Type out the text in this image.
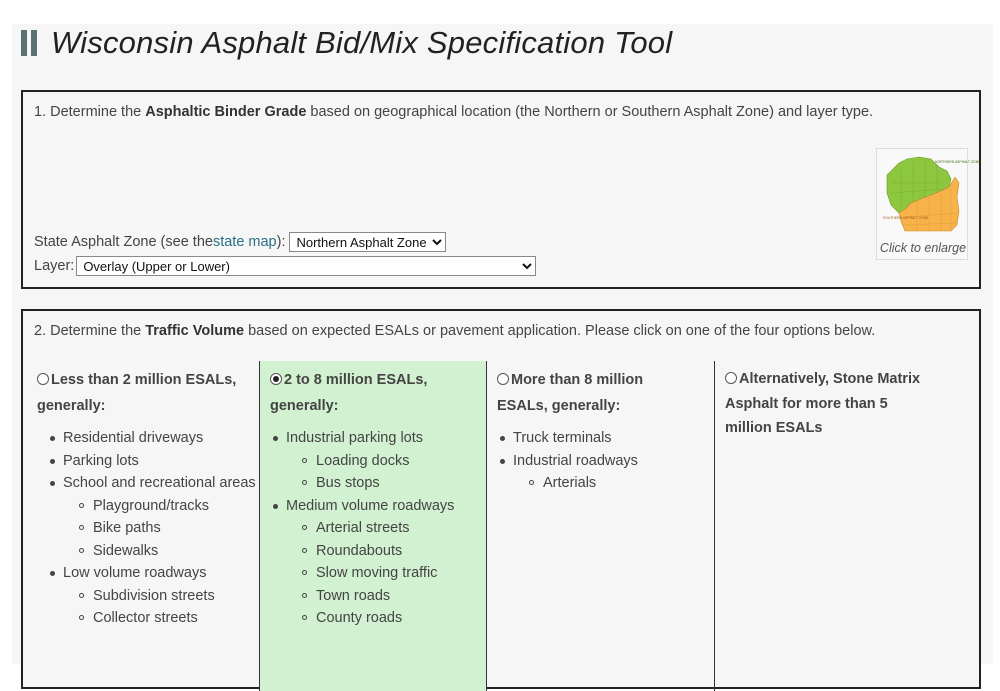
Wisconsin Asphalt Bid/Mix Specification Tool
1. Determine the Asphaltic Binder Grade based on geographical location (the Northern or Southern Asphalt Zone) and layer type.
NORTHERN ASPHALT ZONE
SOUTHERN ASPHALT ZONE
Click to enlarge
State Asphalt Zone (see the state map ):
Northern Asphalt Zone
Layer:
Overlay (Upper or Lower)
2. Determine the Traffic Volume based on expected ESALs or pavement application. Please click on one of the four options below.
Less than 2 million ESALs, generally:
Residential driveways
Parking lots
School and recreational areas
Playground/tracks
Bike paths
Sidewalks
Low volume roadways
Subdivision streets
Collector streets
2 to 8 million ESALs, generally:
Industrial parking lots
Loading docks
Bus stops
Medium volume roadways
Arterial streets
Roundabouts
Slow moving traffic
Town roads
County roads
More than 8 million ESALs, generally:
Truck terminals
Industrial roadways
Arterials
Alternatively, Stone Matrix Asphalt for more than 5 million ESALs
